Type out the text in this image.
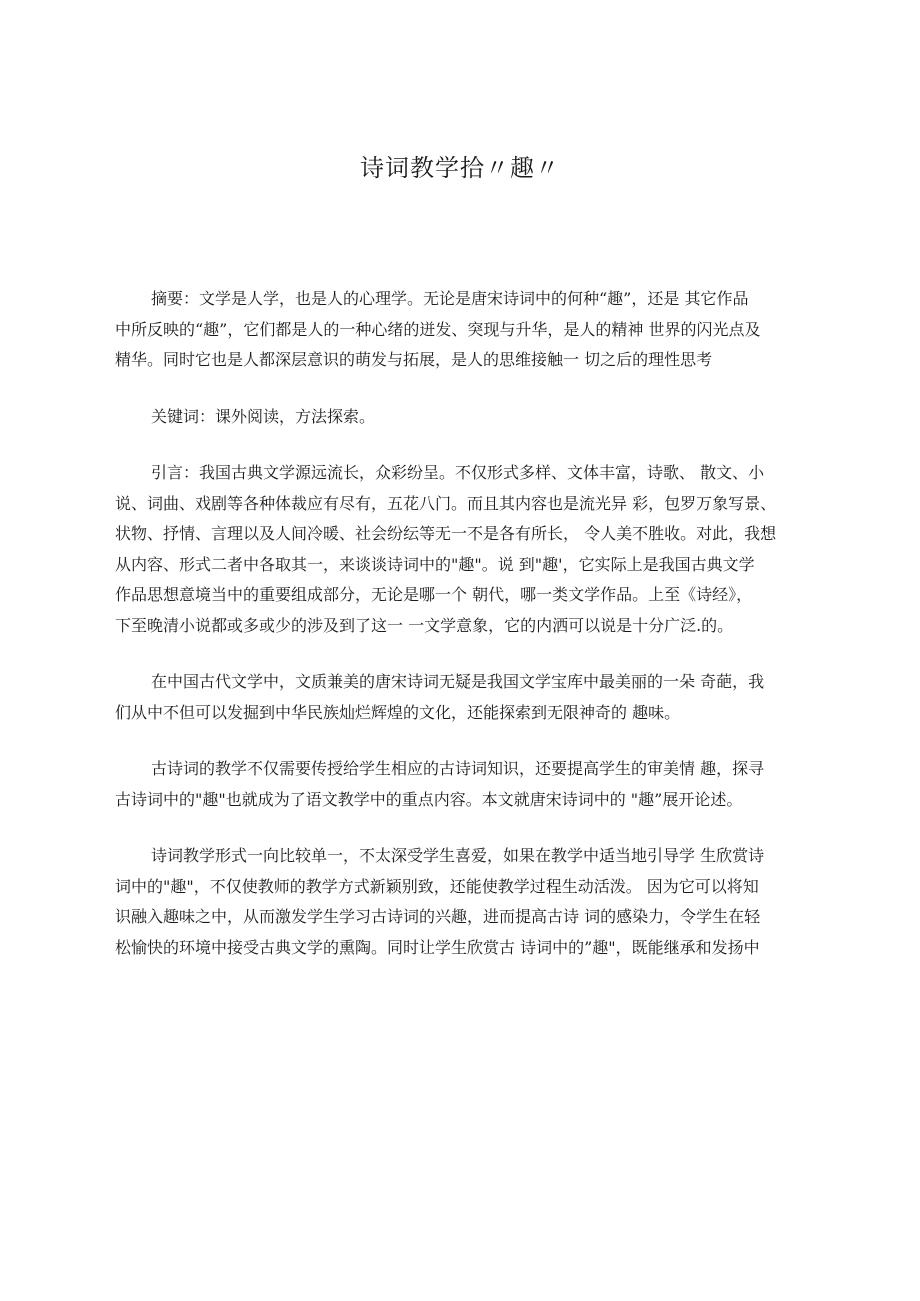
诗词教学拾〃趣〃
摘要：文学是人学，也是人的心理学。无论是唐宋诗词中的何种“趣”，还是 其它作品
中所反映的“趣”，它们都是人的一种心绪的迸发、突现与升华，是人的精神 世界的闪光点及
精华。同时它也是人都深层意识的萌发与拓展，是人的思维接触一 切之后的理性思考
关键词：课外阅读，方法探索。
引言：我国古典文学源远流长，众彩纷呈。不仅形式多样、文体丰富，诗歌、 散文、小
说、词曲、戏剧等各种体裁应有尽有，五花八门。而且其内容也是流光异 彩，包罗万象写景、
状物、抒情、言理以及人间冷暖、社会纷纭等无一不是各有所长， 令人美不胜收。对此，我想
从内容、形式二者中各取其一，来谈谈诗词中的"趣"。说 到"趣'，它实际上是我国古典文学
作品思想意境当中的重要组成部分，无论是哪一个 朝代，哪一类文学作品。上至《诗经》，
下至晚清小说都或多或少的涉及到了这一 一文学意象，它的内洒可以说是十分广泛.的。
在中国古代文学中，文质兼美的唐宋诗词无疑是我国文学宝库中最美丽的一朵 奇葩，我
们从中不但可以发掘到中华民族灿烂辉煌的文化，还能探索到无限神奇的 趣味。
古诗词的教学不仅需要传授给学生相应的古诗词知识，还要提高学生的审美情 趣，探寻
古诗词中的"趣"也就成为了语文教学中的重点内容。本文就唐宋诗词中的 "趣”展开论述。
诗词教学形式一向比较单一，不太深受学生喜爱，如果在教学中适当地引导学 生欣赏诗
词中的"趣"，不仅使教师的教学方式新颖别致，还能使教学过程生动活泼。 因为它可以将知
识融入趣味之中，从而激发学生学习古诗词的兴趣，进而提高古诗 词的感染力，令学生在轻
松愉快的环境中接受古典文学的熏陶。同时让学生欣赏古 诗词中的”趣"，既能继承和发扬中
